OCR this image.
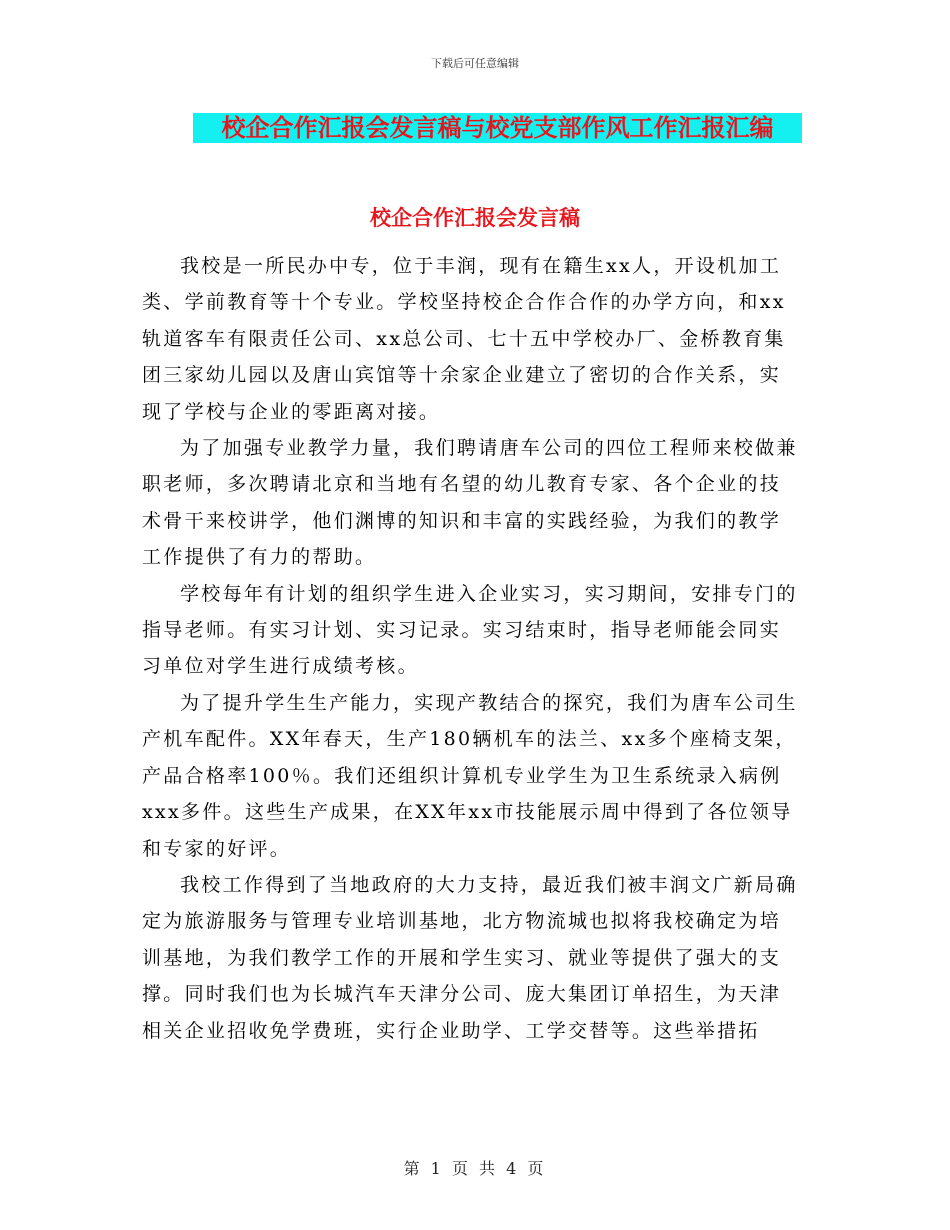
下载后可任意编辑
校企合作汇报会发言稿与校党支部作风工作汇报汇编
校企合作汇报会发言稿

我校是一所民办中专，位于丰润，现有在籍生xx人，开设机加工类、学前教育等十个专业。学校坚持校企合作合作的办学方向，和xx轨道客车有限责任公司、xx总公司、七十五中学校办厂、金桥教育集团三家幼儿园以及唐山宾馆等十余家企业建立了密切的合作关系，实现了学校与企业的零距离对接。

为了加强专业教学力量，我们聘请唐车公司的四位工程师来校做兼职老师，多次聘请北京和当地有名望的幼儿教育专家、各个企业的技术骨干来校讲学，他们渊博的知识和丰富的实践经验，为我们的教学工作提供了有力的帮助。

学校每年有计划的组织学生进入企业实习，实习期间，安排专门的指导老师。有实习计划、实习记录。实习结束时，指导老师能会同实习单位对学生进行成绩考核。

为了提升学生生产能力，实现产教结合的探究，我们为唐车公司生产机车配件。XX年春天，生产180辆机车的法兰、xx多个座椅支架，产品合格率100％。我们还组织计算机专业学生为卫生系统录入病例xxx多件。这些生产成果，在XX年xx市技能展示周中得到了各位领导和专家的好评。

我校工作得到了当地政府的大力支持，最近我们被丰润文广新局确定为旅游服务与管理专业培训基地，北方物流城也拟将我校确定为培训基地，为我们教学工作的开展和学生实习、就业等提供了强大的支撑。同时我们也为长城汽车天津分公司、庞大集团订单招生，为天津相关企业招收免学费班，实行企业助学、工学交替等。这些举措拓

第 1 页 共 4 页
